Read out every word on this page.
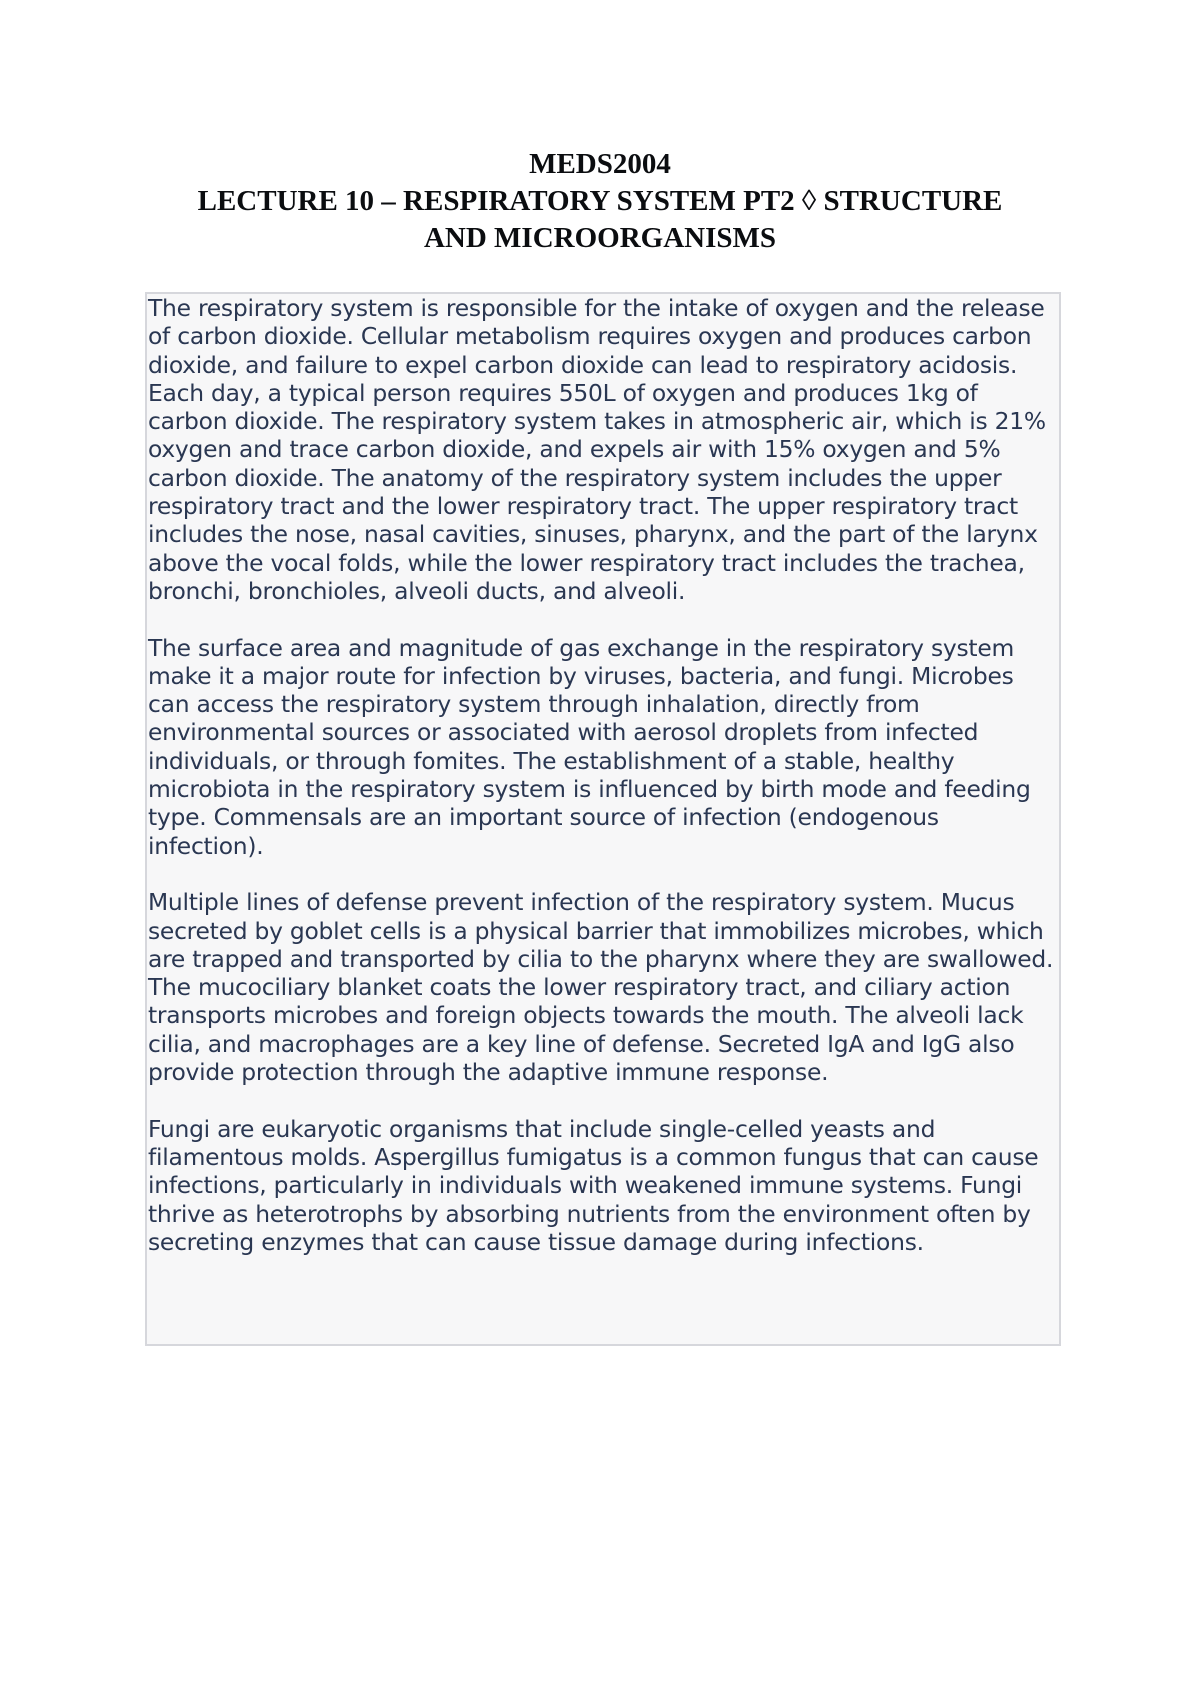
MEDS2004
LECTURE 10 – RESPIRATORY SYSTEM PT2 ◊ STRUCTURE
AND MICROORGANISMS

The respiratory system is responsible for the intake of oxygen and the release of carbon dioxide. Cellular metabolism requires oxygen and produces carbon dioxide, and failure to expel carbon dioxide can lead to respiratory acidosis. Each day, a typical person requires 550L of oxygen and produces 1kg of carbon dioxide. The respiratory system takes in atmospheric air, which is 21% oxygen and trace carbon dioxide, and expels air with 15% oxygen and 5% carbon dioxide. The anatomy of the respiratory system includes the upper respiratory tract and the lower respiratory tract. The upper respiratory tract includes the nose, nasal cavities, sinuses, pharynx, and the part of the larynx above the vocal folds, while the lower respiratory tract includes the trachea, bronchi, bronchioles, alveoli ducts, and alveoli.

The surface area and magnitude of gas exchange in the respiratory system make it a major route for infection by viruses, bacteria, and fungi. Microbes can access the respiratory system through inhalation, directly from environmental sources or associated with aerosol droplets from infected individuals, or through fomites. The establishment of a stable, healthy microbiota in the respiratory system is influenced by birth mode and feeding type. Commensals are an important source of infection (endogenous infection).

Multiple lines of defense prevent infection of the respiratory system. Mucus secreted by goblet cells is a physical barrier that immobilizes microbes, which are trapped and transported by cilia to the pharynx where they are swallowed. The mucociliary blanket coats the lower respiratory tract, and ciliary action transports microbes and foreign objects towards the mouth. The alveoli lack cilia, and macrophages are a key line of defense. Secreted IgA and IgG also provide protection through the adaptive immune response.

Fungi are eukaryotic organisms that include single-celled yeasts and filamentous molds. Aspergillus fumigatus is a common fungus that can cause infections, particularly in individuals with weakened immune systems. Fungi thrive as heterotrophs by absorbing nutrients from the environment often by secreting enzymes that can cause tissue damage during infections.
